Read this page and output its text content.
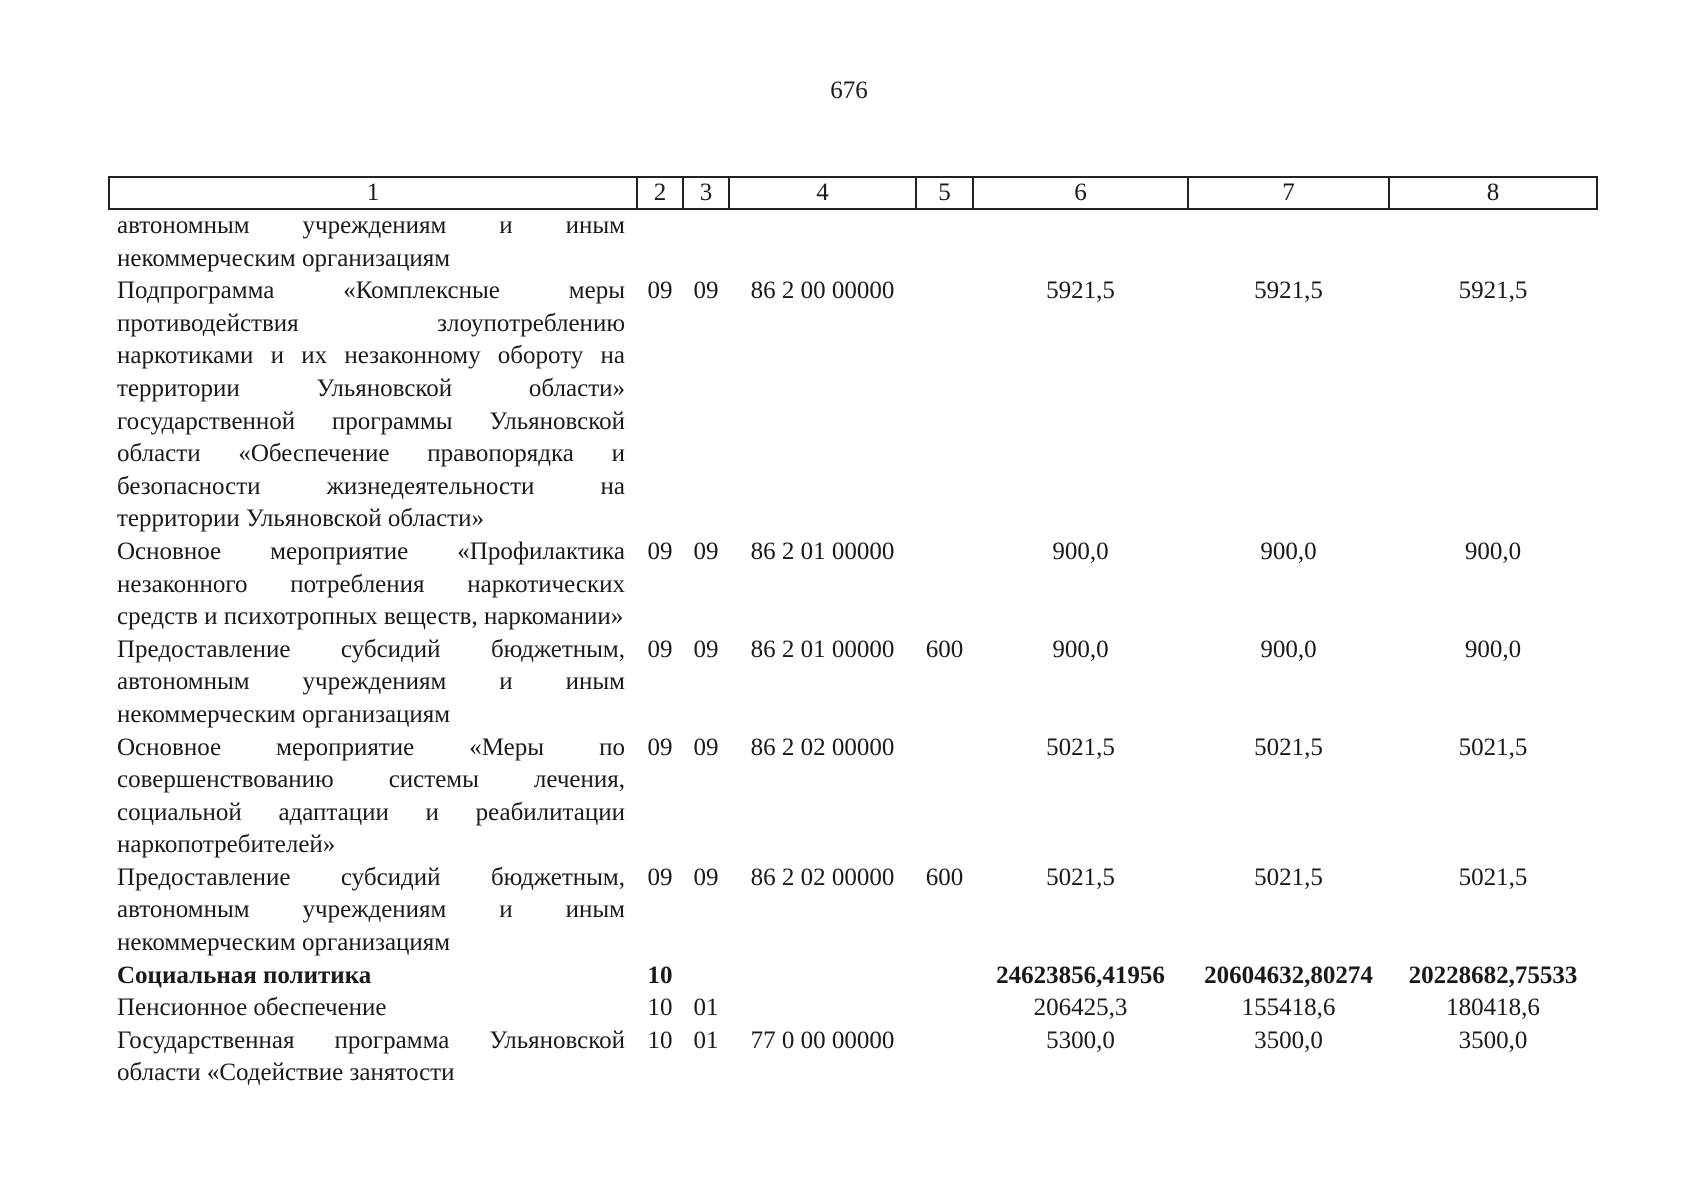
676
1	2	3	4	5	6	7	8
автономным учреждениям и иным некоммерческим организациям							
Подпрограмма «Комплексные меры противодействия злоупотреблению наркотиками и их незаконному обороту на территории Ульяновской области» государственной программы Ульяновской области «Обеспечение правопорядка и безопасности жизнедеятельности на территории Ульяновской области»	09	09	86 2 00 00000		5921,5	5921,5	5921,5
Основное мероприятие «Профилактика незаконного потребления наркотических средств и психотропных веществ, наркомании»	09	09	86 2 01 00000		900,0	900,0	900,0
Предоставление субсидий бюджетным, автономным учреждениям и иным некоммерческим организациям	09	09	86 2 01 00000	600	900,0	900,0	900,0
Основное мероприятие «Меры по совершенствованию системы лечения, социальной адаптации и реабилитации наркопотребителей»	09	09	86 2 02 00000		5021,5	5021,5	5021,5
Предоставление субсидий бюджетным, автономным учреждениям и иным некоммерческим организациям	09	09	86 2 02 00000	600	5021,5	5021,5	5021,5
Социальная политика	10				24623856,41956	20604632,80274	20228682,75533
Пенсионное обеспечение	10	01			206425,3	155418,6	180418,6
Государственная программа Ульяновской области «Содействие занятости	10	01	77 0 00 00000		5300,0	3500,0	3500,0
